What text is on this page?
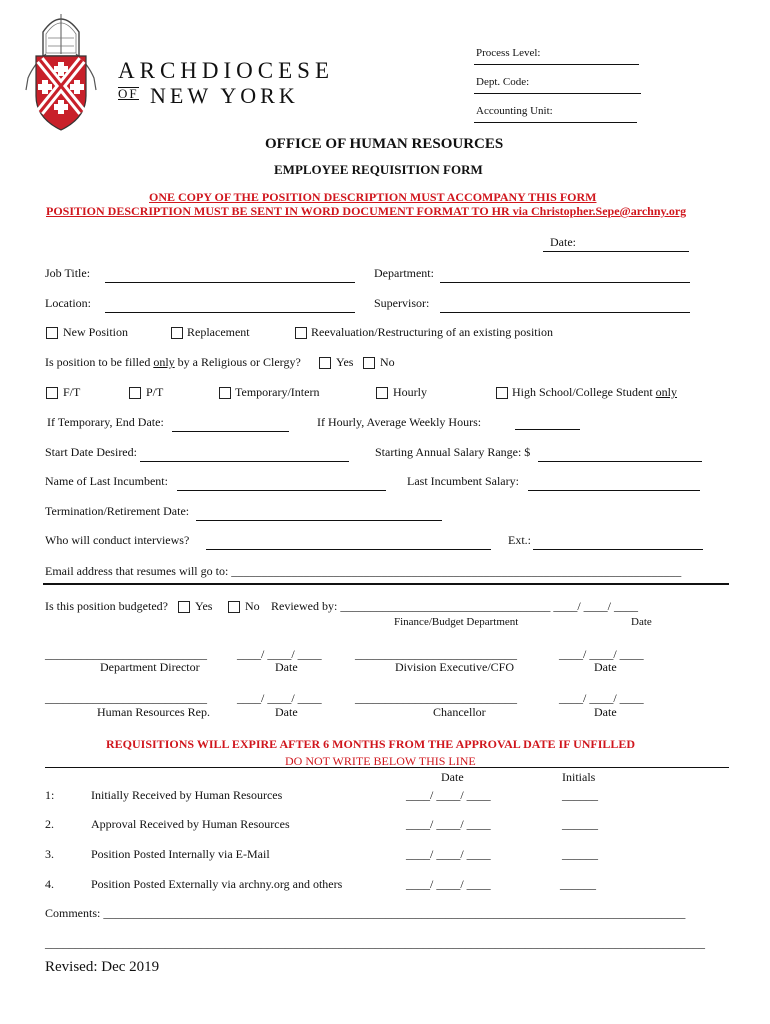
ARCHDIOCESE
OF NEW YORK
Process Level:
Dept. Code:
Accounting Unit:
OFFICE OF HUMAN RESOURCES
EMPLOYEE REQUISITION FORM
ONE COPY OF THE POSITION DESCRIPTION MUST ACCOMPANY THIS FORM
POSITION DESCRIPTION MUST BE SENT IN WORD DOCUMENT FORMAT TO HR via Christopher.Sepe@archny.org
Date:
Job Title:	Department:
Location:	Supervisor:
New Position	Replacement	Reevaluation/Restructuring of an existing position
Is position to be filled only by a Religious or Clergy?	Yes No
F/T	P/T	Temporary/Intern	Hourly	High School/College Student only
If Temporary, End Date:	If Hourly, Average Weekly Hours:
Start Date Desired:	Starting Annual Salary Range: $
Name of Last Incumbent:	Last Incumbent Salary:
Termination/Retirement Date:
Who will conduct interviews?	Ext.:
Email address that resumes will go to: ___________________________________________________________________________
Is this position budgeted? Yes	No Reviewed by: ___________________________________ ____/ ____/ ____
Finance/Budget Department	Date
___________________________	____/ ____/ ____	___________________________	____/ ____/ ____
Department Director	Date	Division Executive/CFO	Date
___________________________	____/ ____/ ____	___________________________	____/ ____/ ____
Human Resources Rep.	Date	Chancellor	Date
REQUISITIONS WILL EXPIRE AFTER 6 MONTHS FROM THE APPROVAL DATE IF UNFILLED
DO NOT WRITE BELOW THIS LINE
Date	Initials
1:	Initially Received by Human Resources	____/ ____/ ____	______
2.	Approval Received by Human Resources	____/ ____/ ____	______
3.	Position Posted Internally via E-Mail	____/ ____/ ____	______
4.	Position Posted Externally via archny.org and others	____/ ____/ ____	______
Comments: _________________________________________________________________________________________________
______________________________________________________________________________________________________________
Revised: Dec 2019
